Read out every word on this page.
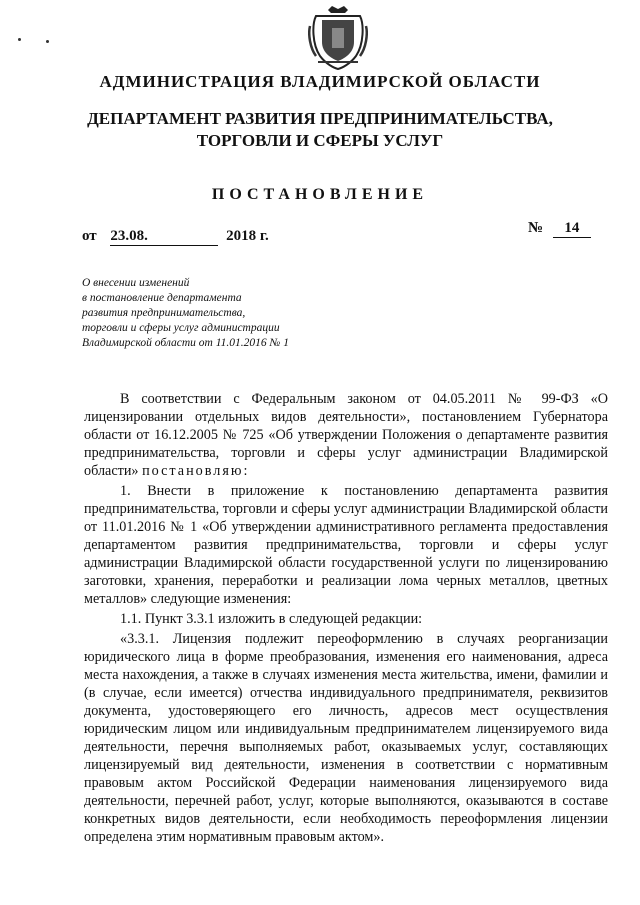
АДМИНИСТРАЦИЯ ВЛАДИМИРСКОЙ ОБЛАСТИ
ДЕПАРТАМЕНТ РАЗВИТИЯ ПРЕДПРИНИМАТЕЛЬСТВА,
ТОРГОВЛИ И СФЕРЫ УСЛУГ
ПОСТАНОВЛЕНИЕ
от 23.08.	2018 г.	№ 14
О внесении изменений
в постановление департамента
развития предпринимательства,
торговли и сферы услуг администрации
Владимирской области от 11.01.2016 № 1

В соответствии с Федеральным законом от 04.05.2011 № 99-ФЗ «О лицензировании отдельных видов деятельности», постановлением Губернатора области от 16.12.2005 № 725 «Об утверждении Положения о департаменте развития предпринимательства, торговли и сферы услуг администрации Владимирской области» постановляю:

1. Внести в приложение к постановлению департамента развития предпринимательства, торговли и сферы услуг администрации Владимирской области от 11.01.2016 № 1 «Об утверждении административного регламента предоставления департаментом развития предпринимательства, торговли и сферы услуг администрации Владимирской области государственной услуги по лицензированию заготовки, хранения, переработки и реализации лома черных металлов, цветных металлов» следующие изменения:

1.1. Пункт 3.3.1 изложить в следующей редакции:

«3.3.1. Лицензия подлежит переоформлению в случаях реорганизации юридического лица в форме преобразования, изменения его наименования, адреса места нахождения, а также в случаях изменения места жительства, имени, фамилии и (в случае, если имеется) отчества индивидуального предпринимателя, реквизитов документа, удостоверяющего его личность, адресов мест осуществления юридическим лицом или индивидуальным предпринимателем лицензируемого вида деятельности, перечня выполняемых работ, оказываемых услуг, составляющих лицензируемый вид деятельности, изменения в соответствии с нормативным правовым актом Российской Федерации наименования лицензируемого вида деятельности, перечней работ, услуг, которые выполняются, оказываются в составе конкретных видов деятельности, если необходимость переоформления лицензии определена этим нормативным правовым актом».
